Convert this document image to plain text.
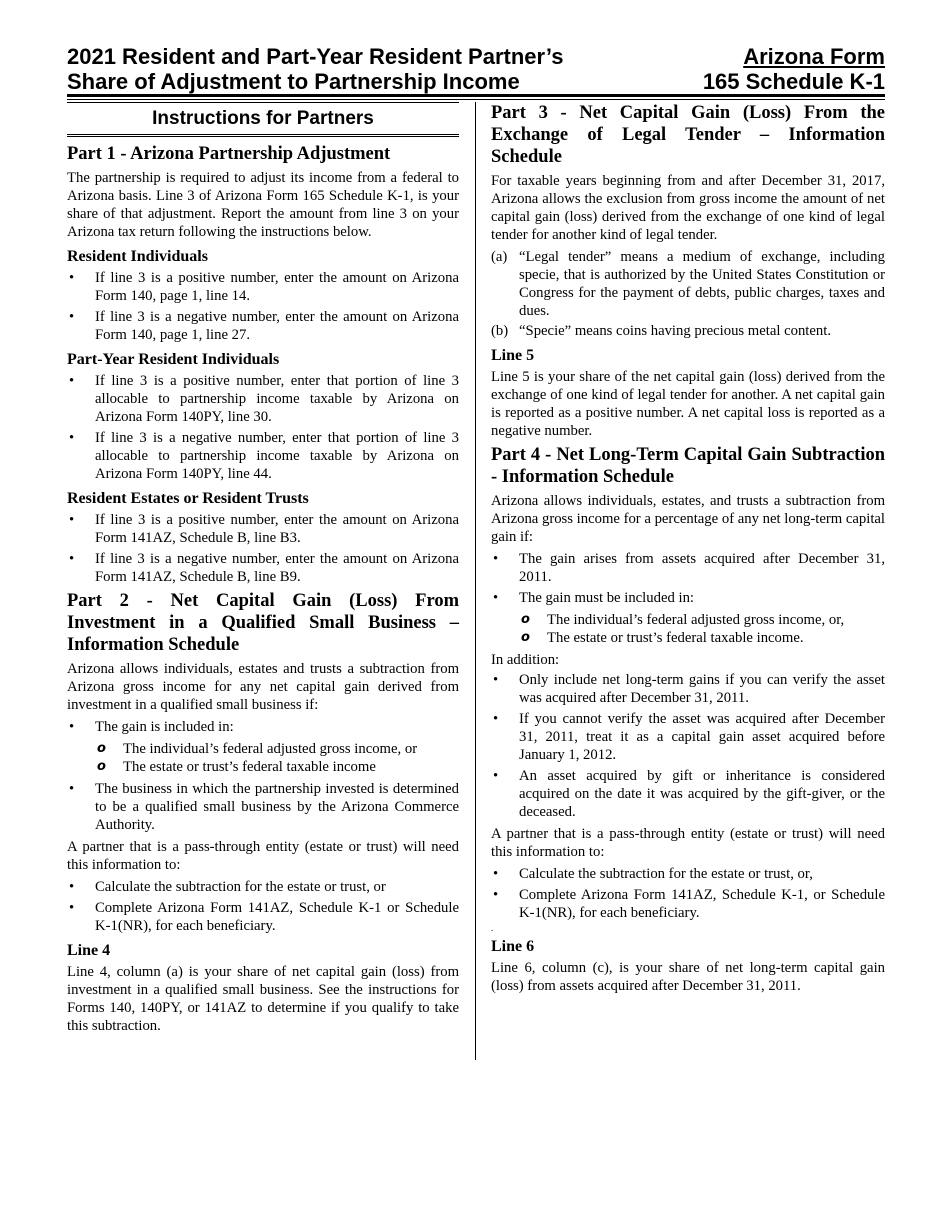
2021 Resident and Part-Year Resident Partner’s
Share of Adjustment to Partnership Income
Arizona Form
165 Schedule K-1
Instructions for Partners
Part 1 - Arizona Partnership Adjustment

The partnership is required to adjust its income from a federal to Arizona basis. Line 3 of Arizona Form 165 Schedule K-1, is your share of that adjustment. Report the amount from line 3 on your Arizona tax return following the instructions below.

Resident Individuals
• If line 3 is a positive number, enter the amount on Arizona Form 140, page 1, line 14.
• If line 3 is a negative number, enter the amount on Arizona Form 140, page 1, line 27.
Part-Year Resident Individuals
• If line 3 is a positive number, enter that portion of line 3 allocable to partnership income taxable by Arizona on Arizona Form 140PY, line 30.
• If line 3 is a negative number, enter that portion of line 3 allocable to partnership income taxable by Arizona on Arizona Form 140PY, line 44.
Resident Estates or Resident Trusts
• If line 3 is a positive number, enter the amount on Arizona Form 141AZ, Schedule B, line B3.
• If line 3 is a negative number, enter the amount on Arizona Form 141AZ, Schedule B, line B9.
Part 2 - Net Capital Gain (Loss) From Investment in a Qualified Small Business – Information Schedule

Arizona allows individuals, estates and trusts a subtraction from Arizona gross income for any net capital gain derived from investment in a qualified small business if:

• The gain is included in:
o The individual’s federal adjusted gross income, or
o The estate or trust’s federal taxable income
• The business in which the partnership invested is determined to be a qualified small business by the Arizona Commerce Authority.

A partner that is a pass-through entity (estate or trust) will need this information to:

• Calculate the subtraction for the estate or trust, or
• Complete Arizona Form 141AZ, Schedule K-1 or Schedule K-1(NR), for each beneficiary.
Line 4

Line 4, column (a) is your share of net capital gain (loss) from investment in a qualified small business. See the instructions for Forms 140, 140PY, or 141AZ to determine if you qualify to take this subtraction.

Part 3 - Net Capital Gain (Loss) From the Exchange of Legal Tender – Information Schedule

For taxable years beginning from and after December 31, 2017, Arizona allows the exclusion from gross income the amount of net capital gain (loss) derived from the exchange of one kind of legal tender for another kind of legal tender.

(a) “Legal tender” means a medium of exchange, including specie, that is authorized by the United States Constitution or Congress for the payment of debts, public charges, taxes and dues.
(b) “Specie” means coins having precious metal content.
Line 5

Line 5 is your share of the net capital gain (loss) derived from the exchange of one kind of legal tender for another. A net capital gain is reported as a positive number. A net capital loss is reported as a negative number.

Part 4 - Net Long-Term Capital Gain Subtraction - Information Schedule

Arizona allows individuals, estates, and trusts a subtraction from Arizona gross income for a percentage of any net long-term capital gain if:

• The gain arises from assets acquired after December 31, 2011.
• The gain must be included in:
o The individual’s federal adjusted gross income, or,
o The estate or trust’s federal taxable income.

In addition:

• Only include net long-term gains if you can verify the asset was acquired after December 31, 2011.
• If you cannot verify the asset was acquired after December 31, 2011, treat it as a capital gain asset acquired before January 1, 2012.
• An asset acquired by gift or inheritance is considered acquired on the date it was acquired by the gift-giver, or the deceased.

A partner that is a pass-through entity (estate or trust) will need this information to:

• Calculate the subtraction for the estate or trust, or,
• Complete Arizona Form 141AZ, Schedule K-1, or Schedule K-1(NR), for each beneficiary.
.
Line 6

Line 6, column (c), is your share of net long-term capital gain (loss) from assets acquired after December 31, 2011.
